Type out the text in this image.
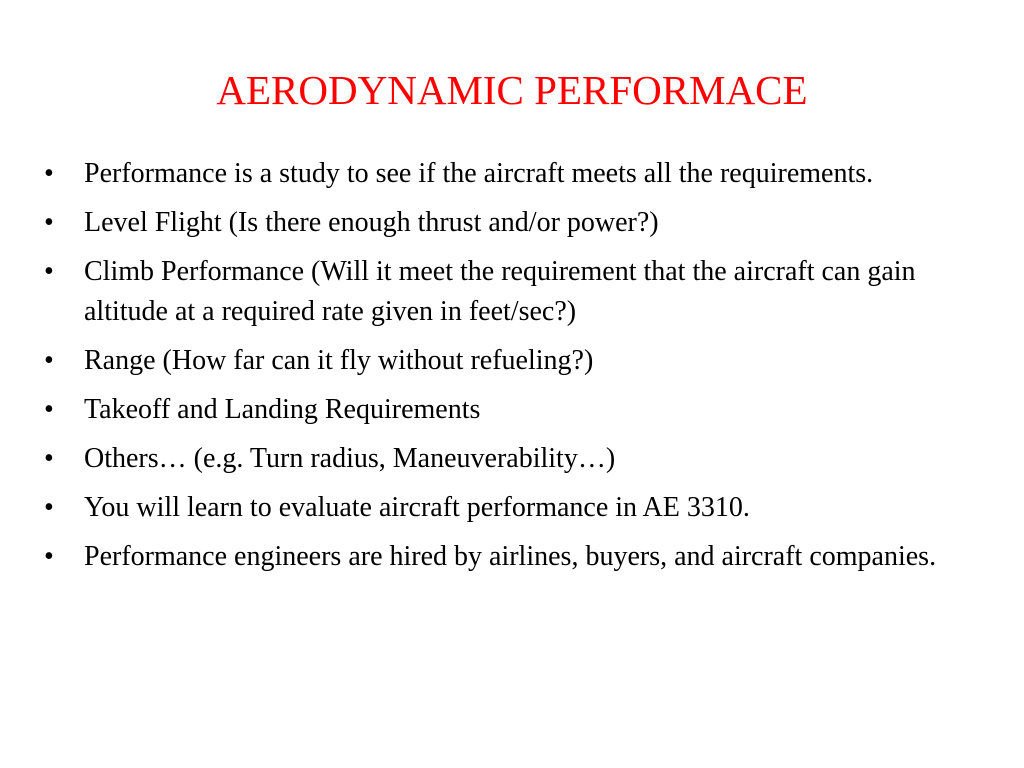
AERODYNAMIC PERFORMACE
•	Performance is a study to see if the aircraft meets all the requirements.
•	Level Flight (Is there enough thrust and/or power?)
•	Climb Performance (Will it meet the requirement that the aircraft can gain altitude at a required rate given in feet/sec?)
•	Range (How far can it fly without refueling?)
•	Takeoff and Landing Requirements
•	Others… (e.g. Turn radius, Maneuverability…)
•	You will learn to evaluate aircraft performance in AE 3310.
•	Performance engineers are hired by airlines, buyers, and aircraft companies.
